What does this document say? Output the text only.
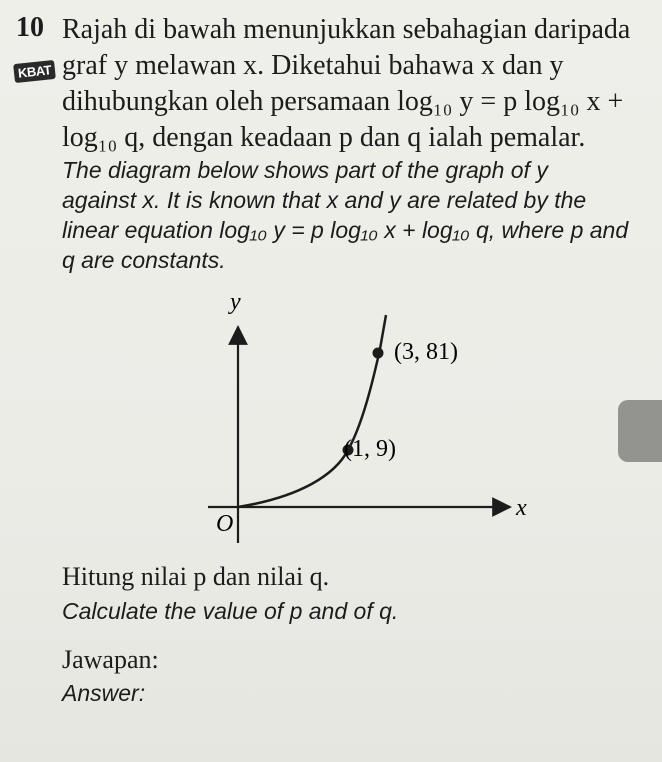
10
KBAT
Rajah di bawah menunjukkan sebahagian daripada
graf y melawan x. Diketahui bahawa x dan y
dihubungkan oleh persamaan log₁₀ y = p log₁₀ x +
log₁₀ q, dengan keadaan p dan q ialah pemalar.
The diagram below shows part of the graph of y
against x. It is known that x and y are related by the
linear equation log₁₀ y = p log₁₀ x + log₁₀ q, where p and
q are constants.
y
x
O
(3, 81)
(1, 9)
Hitung nilai p dan nilai q.
Calculate the value of p and of q.
Jawapan:
Answer:
